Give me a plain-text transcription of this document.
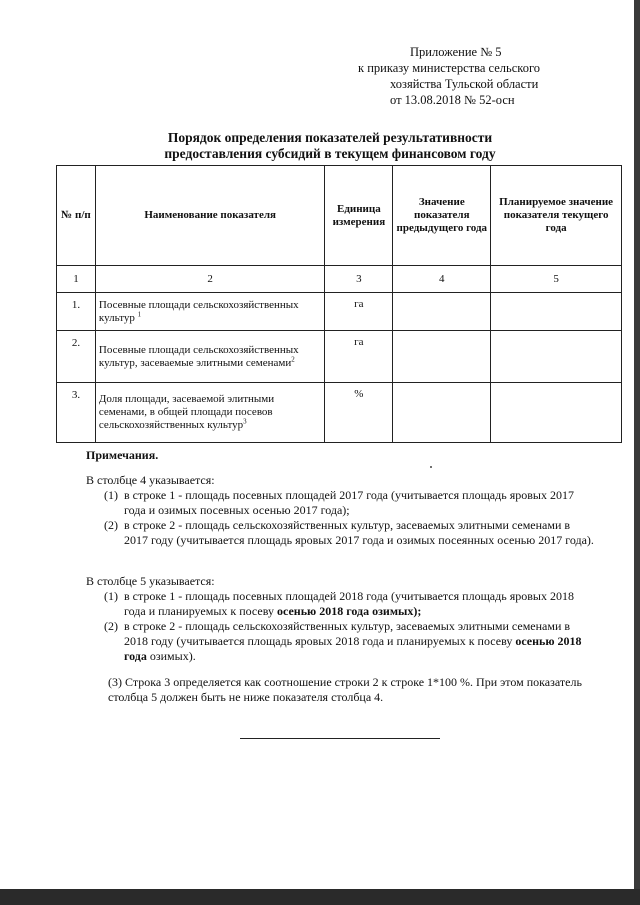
Приложение № 5
к приказу министерства сельского
хозяйства Тульской области
от 13.08.2018 № 52-осн
Порядок определения показателей результативности
предоставления субсидий в текущем финансовом году
№ п/п	Наименование показателя	Единица измерения	Значение показателя предыдущего года	Планируемое значение показателя текущего года
1	2	3	4	5
1.	Посевные площади сельскохозяйственных культур $^1$	га		
2.	Посевные площади сельскохозяйственных культур, засеваемые элитными семенами$^2$	га		
3.	Доля площади, засеваемой элитными семенами, в общей площади посевов сельскохозяйственных культур$^3$	%		
Примечания.
В столбце 4 указывается:
(1) в строке 1 - площадь посевных площадей 2017 года (учитывается площадь яровых 2017 года и озимых посевных осенью 2017 года);
(2) в строке 2 - площадь сельскохозяйственных культур, засеваемых элитными семенами в 2017 году (учитывается площадь яровых 2017 года и озимых посеянных осенью 2017 года).
В столбце 5 указывается:
(1) в строке 1 - площадь посевных площадей 2018 года (учитывается площадь яровых 2018 года и планируемых к посеву осенью 2018 года озимых);
(2) в строке 2 - площадь сельскохозяйственных культур, засеваемых элитными семенами в 2018 году (учитывается площадь яровых 2018 года и планируемых к посеву осенью 2018 года озимых).
(3) Строка 3 определяется как соотношение строки 2 к строке 1*100 %. При этом показатель столбца 5 должен быть не ниже показателя столбца 4.
